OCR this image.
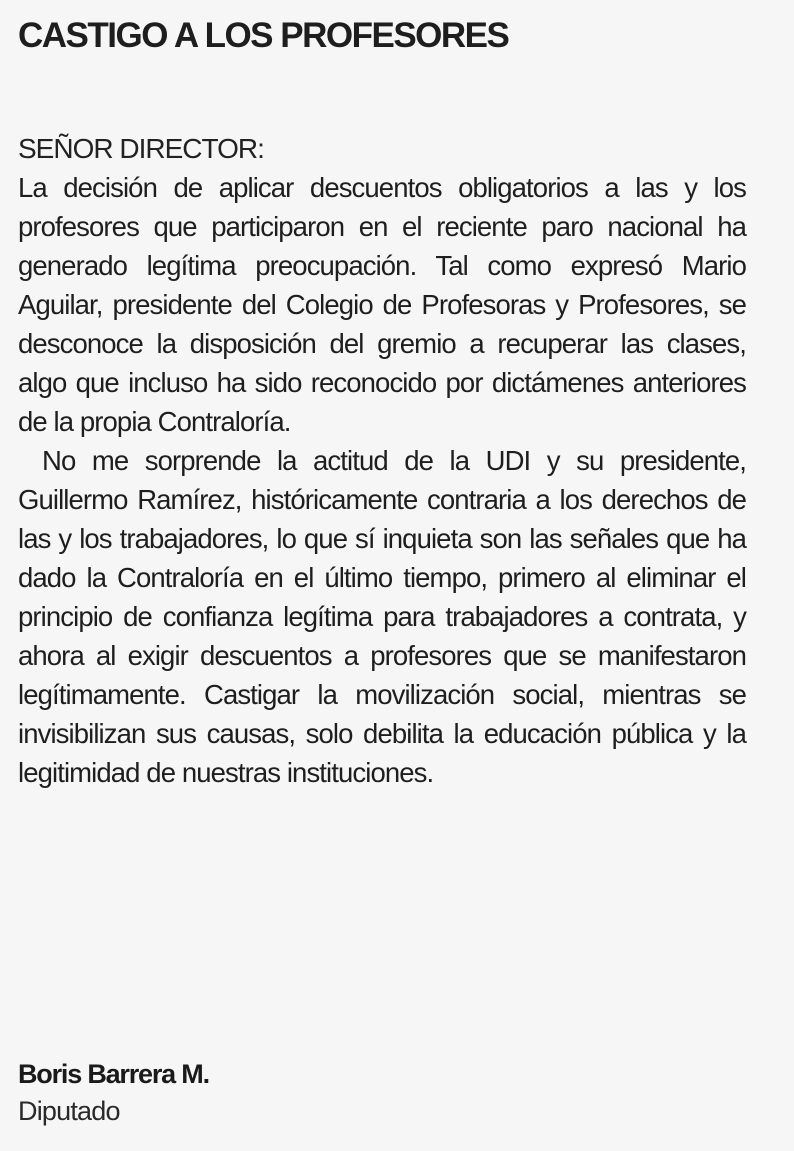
CASTIGO A LOS PROFESORES
SEÑOR DIRECTOR:

La decisión de aplicar descuentos obligatorios a las y los profesores que participaron en el reciente paro nacional ha generado legítima preocupación. Tal como expresó Mario Aguilar, presidente del Colegio de Profesoras y Profesores, se desconoce la disposición del gremio a recuperar las clases, algo que incluso ha sido reconocido por dictámenes anteriores de la propia Contraloría.

No me sorprende la actitud de la UDI y su presidente, Guillermo Ramírez, históricamente contraria a los derechos de las y los trabajadores, lo que sí inquieta son las señales que ha dado la Contraloría en el último tiempo, primero al eliminar el principio de confianza legítima para trabajadores a contrata, y ahora al exigir descuentos a profesores que se manifestaron legítimamente. Castigar la movilización social, mientras se invisibilizan sus causas, solo debilita la educación pública y la legitimidad de nuestras instituciones.

Boris Barrera M.
Diputado
